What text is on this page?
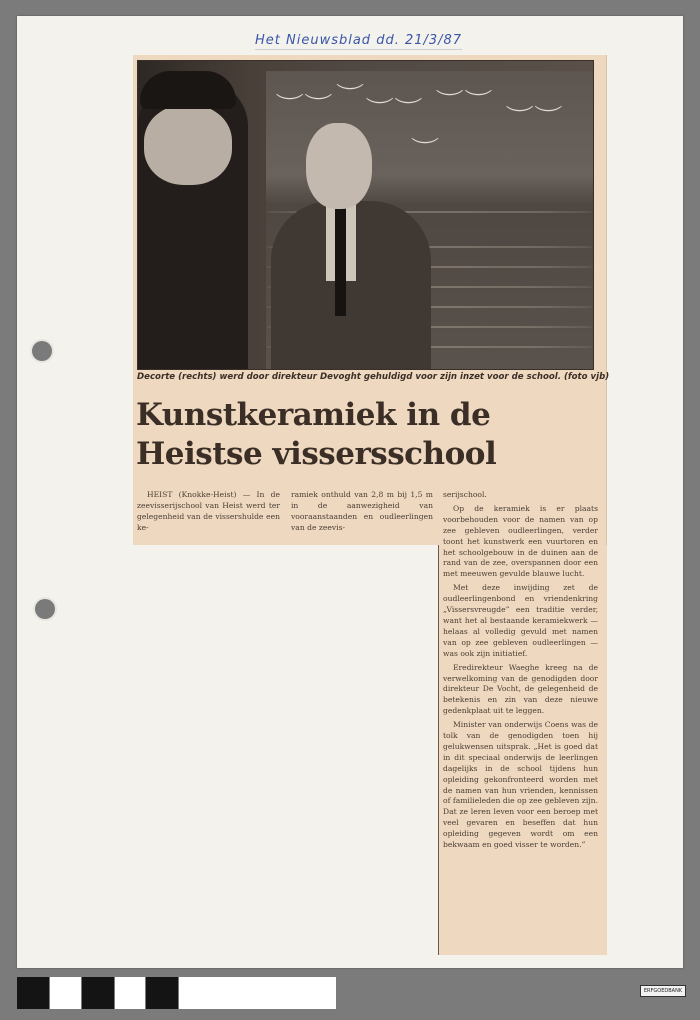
Het Nieuwsblad dd. 21/3/87
︶︶ ︶
︶︶ ︶︶
︶
︶︶
Decorte (rechts) werd door direkteur Devoght gehuldigd voor zijn inzet voor de school. (foto vjb)
Kunstkeramiek in de
Heistse vissersschool

HEIST (Knokke-Heist) — In de zeevisserijschool van Heist werd ter gelegenheid van de vissershulde een ke-

ramiek onthuld van 2,8 m bij 1,5 m in de aanwezigheid van vooraanstaanden en oudleerlingen van de zeevis-

serijschool.

Op de keramiek is er plaats voorbehouden voor de namen van op zee gebleven oudleerlingen, verder toont het kunstwerk een vuurtoren en het schoolgebouw in de duinen aan de rand van de zee, overspannen door een met meeuwen gevulde blauwe lucht.

Met deze inwijding zet de oudleerlingenbond en vriendenkring „Vissersvreugde” een traditie verder, want het al bestaande keramiekwerk — helaas al volledig gevuld met namen van op zee gebleven oudleerlingen — was ook zijn initiatief.

Eredirekteur Waeghe kreeg na de verwelkoming van de genodigden door direkteur De Vocht, de gelegenheid de betekenis en zin van deze nieuwe gedenkplaat uit te leggen.

Minister van onderwijs Coens was de tolk van de genodigden toen hij gelukwensen uitsprak. „Het is goed dat in dit speciaal onderwijs de leerlingen dagelijks in de school tijdens hun opleiding gekonfronteerd worden met de namen van hun vrienden, kennissen of familieleden die op zee gebleven zijn. Dat ze leren leven voor een beroep met veel gevaren en beseffen dat hun opleiding gegeven wordt om een bekwaam en goed visser te worden.”

ERFGOEDBANK
